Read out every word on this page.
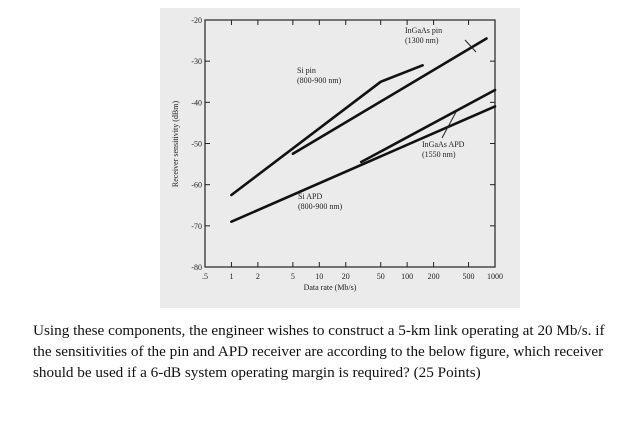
-20
-30
-40
-50
-60
-70
-80
.5	1	2	5	10 20	50 100 200	500 1000
Si pin
(800-900 nm)
InGaAs pin
(1300 nm)
InGaAs APD
(1550 nm)
Si APD
(800-900 nm)
Data rate (Mb/s)
Receiver sensitivity (dBm)

Using these components, the engineer wishes to construct a 5-km link operating at 20 Mb/s. if the sensitivities of the pin and APD receiver are according to the below figure, which receiver should be used if a 6-dB system operating margin is required? (25 Points)
